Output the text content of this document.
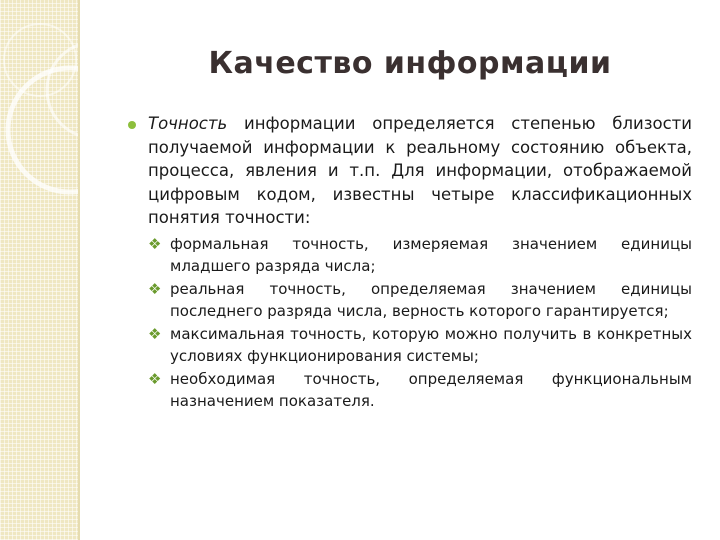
Качество информации
Точность информации определяется степенью близости получаемой информации к реальному состоянию объекта, процесса, явления и т.п. Для информации, отображаемой цифровым кодом, известны четыре классификационных понятия точности:
❖ формальная точность, измеряемая значением единицы младшего разряда числа;
❖ реальная точность, определяемая значением единицы последнего разряда числа, верность которого гарантируется;
❖ максимальная точность, которую можно получить в конкретных условиях функционирования системы;
❖ необходимая точность, определяемая функциональным назначением показателя.
